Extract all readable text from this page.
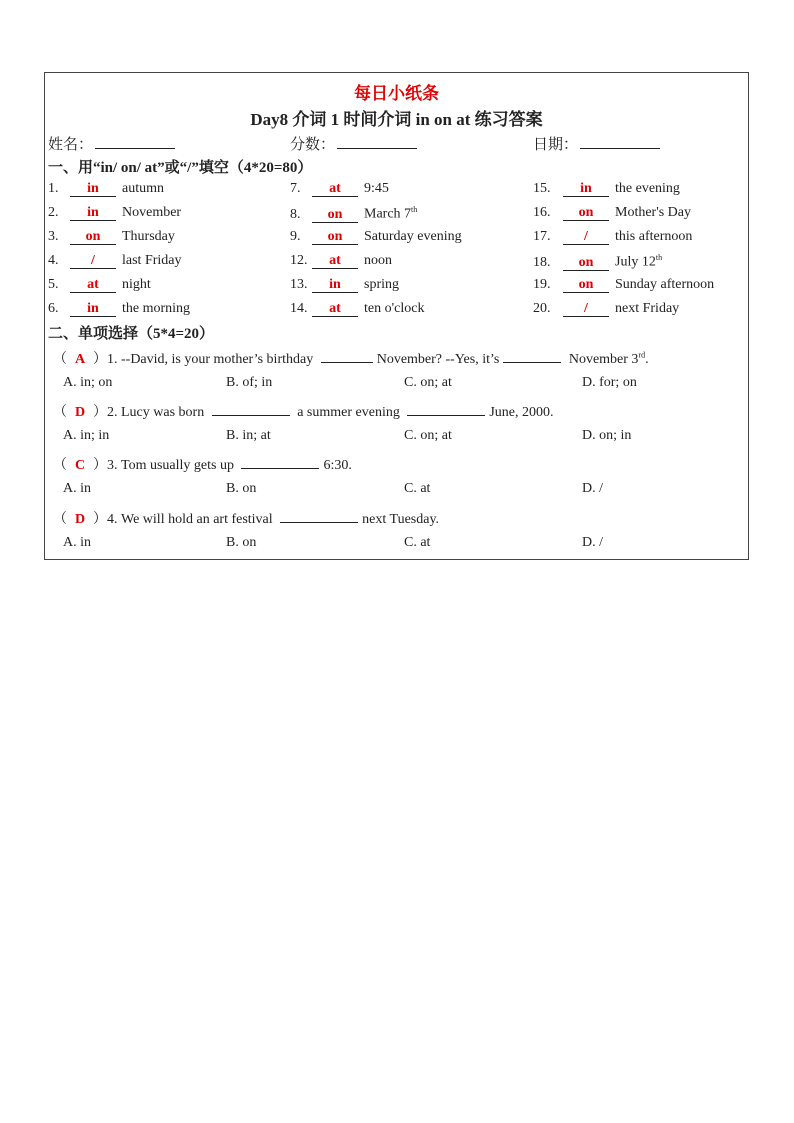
每日小纸条
Day8 介词 1 时间介词 in on at 练习答案
姓名：	分数：	日期：
一、用“in/ on/ at”或“/”填空（4*20=80）
1. in autumn
2. in November
3. on Thursday
4. / last Friday
5. at night
6. in the morning
7. at 9:45
8. on March 7th
9. on Saturday evening
12. at noon
13. in spring
14. at ten o'clock
15. in the evening
16. on Mother's Day
17. / this afternoon
18. on July 12th
19. on Sunday afternoon
20. / next Friday
二、单项选择（5*4=20）
（ A ）1. --David, is your mother’s birthday	November? --Yes, it’s	November 3rd.
A. in; on	B. of; in	C. on; at	D. for; on
（ D ）2. Lucy was born	a summer evening	June, 2000.
A. in; in	B. in; at	C. on; at	D. on; in
（ C ）3. Tom usually gets up	6:30.
A. in	B. on	C. at	D. /
（ D ）4. We will hold an art festival	next Tuesday.
A. in	B. on	C. at	D. /
